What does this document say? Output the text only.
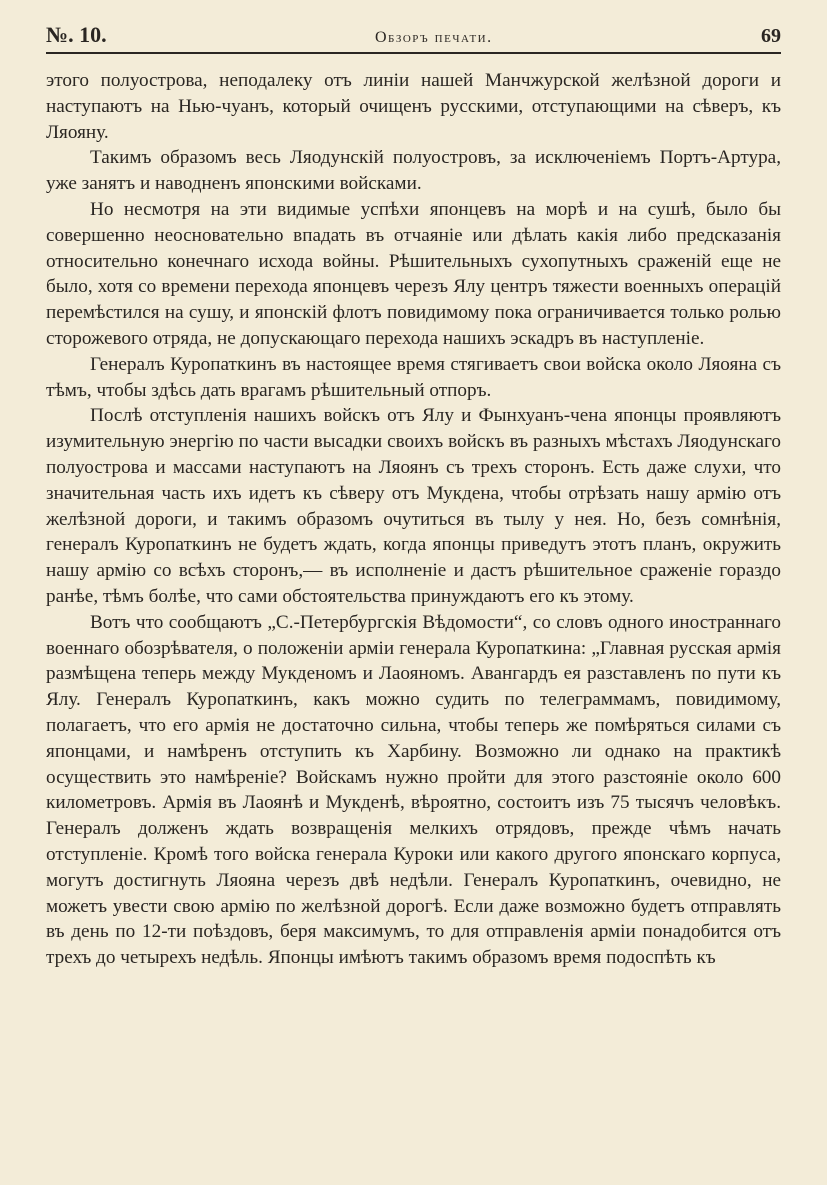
№. 10.	Обзоръ печати.	69

этого полуострова, неподалеку отъ линіи нашей Манчжурской желѣзной дороги и наступаютъ на Нью-чуанъ, который очищенъ русскими, отступающими на сѣверъ, къ Ляояну.

Такимъ образомъ весь Ляодунскій полуостровъ, за исключеніемъ Портъ-Артура, уже занятъ и наводненъ японскими войсками.

Но несмотря на эти видимые успѣхи японцевъ на морѣ и на сушѣ, было бы совершенно неосновательно впадать въ отчаяніе или дѣлать какія либо предсказанія относительно конечнаго исхода войны. Рѣшительныхъ сухопутныхъ сраженій еще не было, хотя со времени перехода японцевъ черезъ Ялу центръ тяжести военныхъ операцій перемѣстился на сушу, и японскій флотъ повидимому пока ограничивается только ролью сторожевого отряда, не допускающаго перехода нашихъ эскадръ въ наступленіе.

Генералъ Куропаткинъ въ настоящее время стягиваетъ свои войска около Ляояна съ тѣмъ, чтобы здѣсь дать врагамъ рѣшительный отпоръ.

Послѣ отступленія нашихъ войскъ отъ Ялу и Фынхуанъ-чена японцы проявляютъ изумительную энергію по части высадки своихъ войскъ въ разныхъ мѣстахъ Ляодунскаго полуострова и массами наступаютъ на Ляоянъ съ трехъ сторонъ. Есть даже слухи, что значительная часть ихъ идетъ къ сѣверу отъ Мукдена, чтобы отрѣзать нашу армію отъ желѣзной дороги, и такимъ образомъ очутиться въ тылу у нея. Но, безъ сомнѣнія, генералъ Куропаткинъ не будетъ ждать, когда японцы приведутъ этотъ планъ, окружить нашу армію со всѣхъ сторонъ,— въ исполненіе и дастъ рѣшительное сраженіе гораздо ранѣе, тѣмъ болѣе, что сами обстоятельства принуждаютъ его къ этому.

Вотъ что сообщаютъ „С.-Петербургскія Вѣдомости“, со словъ одного иностраннаго военнаго обозрѣвателя, о положеніи арміи генерала Куропаткина: „Главная русская армія размѣщена теперь между Мукденомъ и Лаояномъ. Авангардъ ея разставленъ по пути къ Ялу. Генералъ Куропаткинъ, какъ можно судить по телеграммамъ, повидимому, полагаетъ, что его армія не достаточно сильна, чтобы теперь же помѣряться силами съ японцами, и намѣренъ отступить къ Харбину. Возможно ли однако на практикѣ осуществить это намѣреніе? Войскамъ нужно пройти для этого разстояніе около 600 километровъ. Армія въ Лаоянѣ и Мукденѣ, вѣроятно, состоитъ изъ 75 тысячъ человѣкъ. Генералъ долженъ ждать возвращенія мелкихъ отрядовъ, прежде чѣмъ начать отступленіе. Кромѣ того войска генерала Куроки или какого другого японскаго корпуса, могутъ достигнуть Ляояна черезъ двѣ недѣли. Генералъ Куропаткинъ, очевидно, не можетъ увести свою армію по желѣзной дорогѣ. Если даже возможно будетъ отправлять въ день по 12-ти поѣздовъ, беря максимумъ, то для отправленія арміи понадобится отъ трехъ до четырехъ недѣль. Японцы имѣютъ такимъ образомъ время подоспѣть къ
